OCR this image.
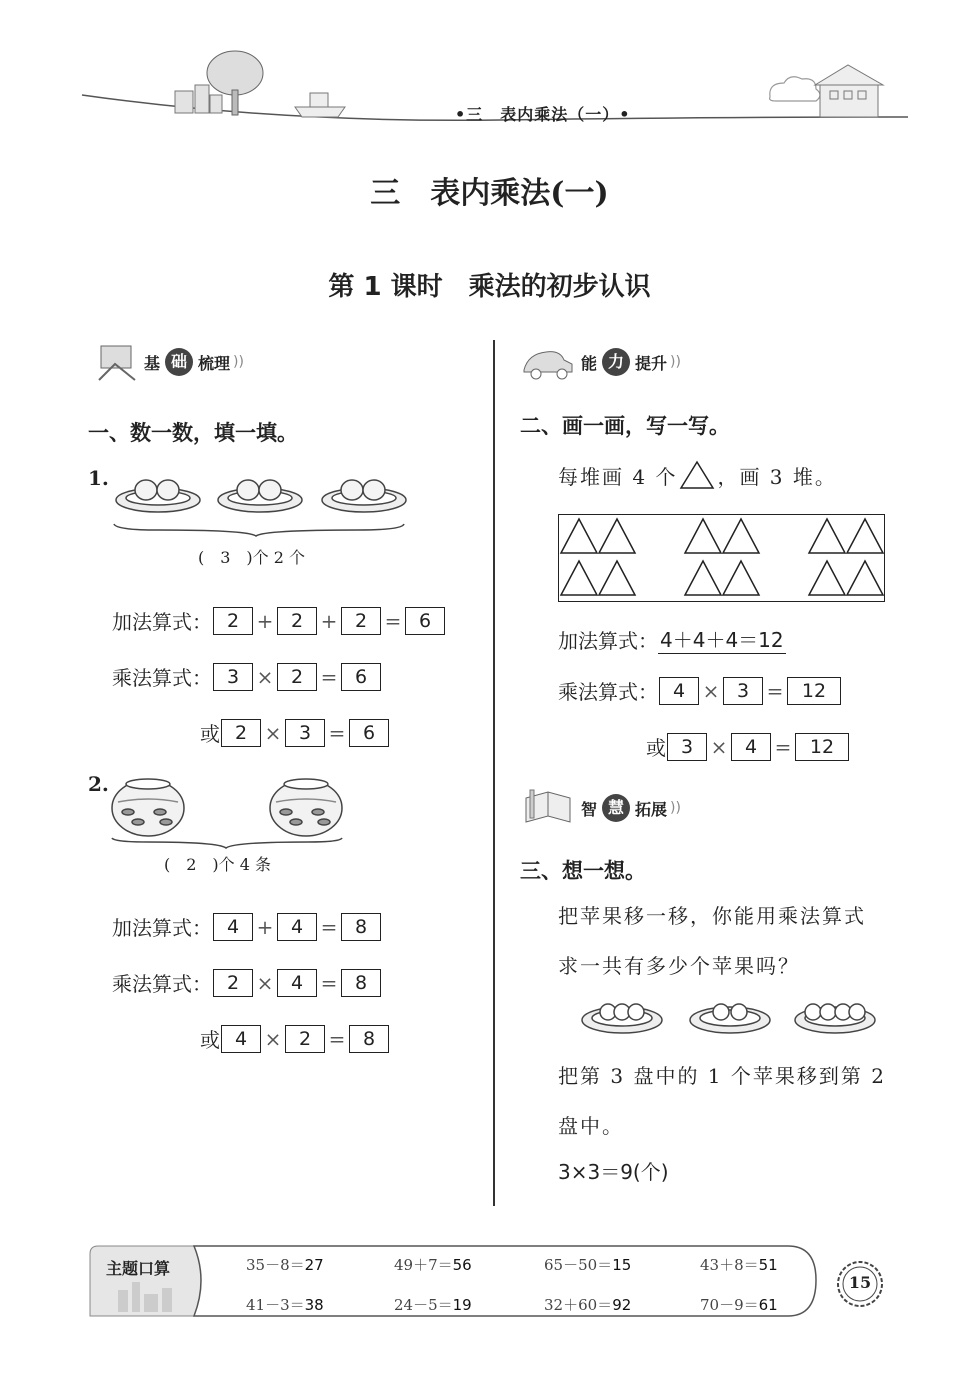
•三　表内乘法（一）•
三　表内乘法(一)
第 1 课时　乘法的初步认识
基 础 梳理 ))
一、数一数，填一填。
1.
(　3　)个 2 个
加法算式： 2 + 2 + 2 = 6
乘法算式： 3 × 2 = 6
或 2 × 3 = 6
2.
(　2　)个 4 条
加法算式： 4 + 4 = 8
乘法算式： 2 × 4 = 8
或 4 × 2 = 8
能 力 提升 ))
二、画一画，写一写。
每堆画 4 个 ，画 3 堆。
加法算式： 4＋4＋4＝12
乘法算式： 4 × 3 = 12
或 3 × 4 = 12
智 慧 拓展 ))
三、想一想。
把苹果移一移，你能用乘法算式
求一共有多少个苹果吗？
把第 3 盘中的 1 个苹果移到第 2
盘中。
3×3＝9(个)
主题口算	35－8＝27	49＋7＝56	65－50＝15	43＋8＝51
41－3＝38	24－5＝19	32＋60＝92	70－9＝61
15
